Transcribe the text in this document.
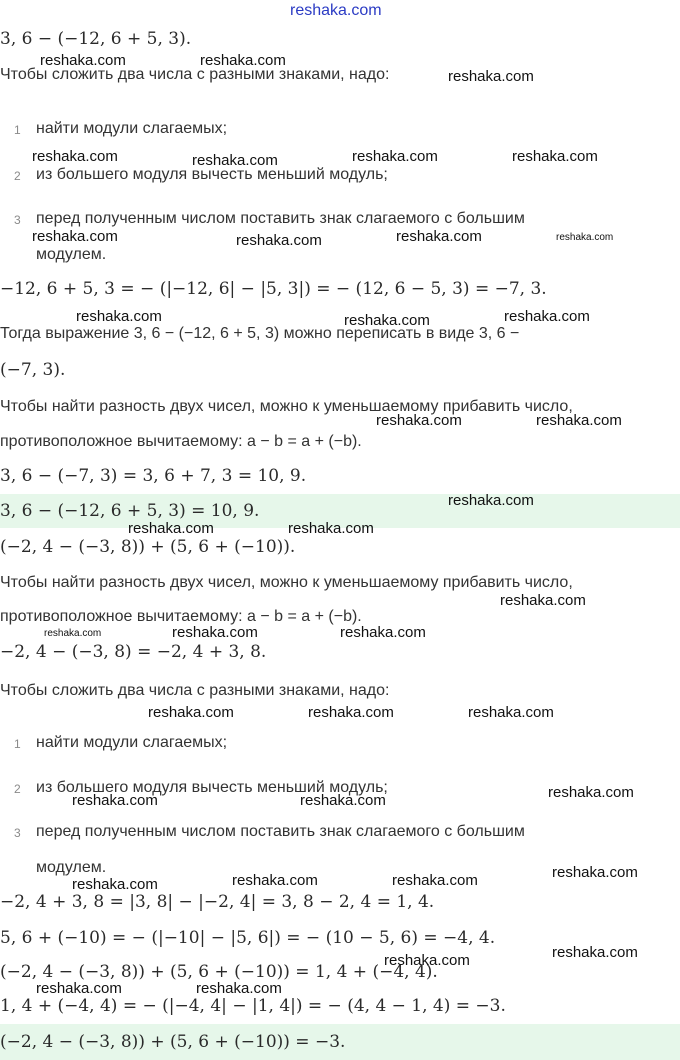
3, 6 − (−12, 6 + 5, 3).
Чтобы сложить два числа с разными знаками, надо:
1 найти модули слагаемых;
2 из большего модуля вычесть меньший модуль;
3 перед полученным числом поставить знак слагаемого с большим
модулем.
−12, 6 + 5, 3 = − (|−12, 6| − |5, 3|) = − (12, 6 − 5, 3) = −7, 3.
Тогда выражение 3, 6 − (−12, 6 + 5, 3) можно переписать в виде 3, 6 −
(−7, 3).
Чтобы найти разность двух чисел, можно к уменьшаемому прибавить число,
противоположное вычитаемому: a − b = a + (−b).
3, 6 − (−7, 3) = 3, 6 + 7, 3 = 10, 9.
3, 6 − (−12, 6 + 5, 3) = 10, 9.
(−2, 4 − (−3, 8)) + (5, 6 + (−10)).
Чтобы найти разность двух чисел, можно к уменьшаемому прибавить число,
противоположное вычитаемому: a − b = a + (−b).
−2, 4 − (−3, 8) = −2, 4 + 3, 8.
Чтобы сложить два числа с разными знаками, надо:
1 найти модули слагаемых;
2 из большего модуля вычесть меньший модуль;
3 перед полученным числом поставить знак слагаемого с большим
модулем.
−2, 4 + 3, 8 = |3, 8| − |−2, 4| = 3, 8 − 2, 4 = 1, 4.
5, 6 + (−10) = − (|−10| − |5, 6|) = − (10 − 5, 6) = −4, 4.
(−2, 4 − (−3, 8)) + (5, 6 + (−10)) = 1, 4 + (−4, 4).
1, 4 + (−4, 4) = − (|−4, 4| − |1, 4|) = − (4, 4 − 1, 4) = −3.
(−2, 4 − (−3, 8)) + (5, 6 + (−10)) = −3.
reshaka.com
reshaka.com	reshaka.com
reshaka.com
reshaka.com	reshaka.com	reshaka.com	reshaka.com
reshaka.com	reshaka.com	reshaka.com	reshaka.com
reshaka.com	reshaka.com	reshaka.com
reshaka.com	reshaka.com
reshaka.com
reshaka.com	reshaka.com
reshaka.com
reshaka.com	reshaka.com	reshaka.com
reshaka.com	reshaka.com	reshaka.com
reshaka.com
reshaka.com	reshaka.com
reshaka.com
reshaka.com	reshaka.com	reshaka.com
reshaka.com
reshaka.com
reshaka.com	reshaka.com
